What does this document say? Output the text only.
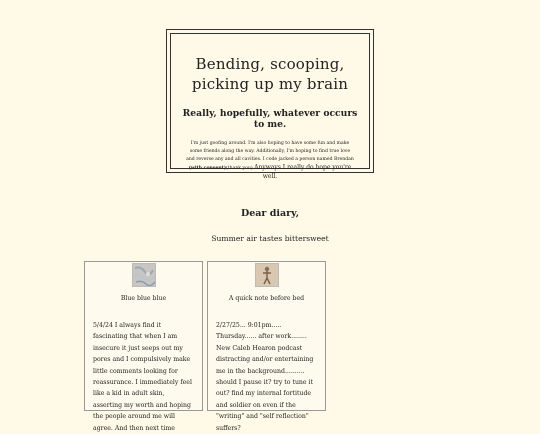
Bending, scooping, picking up my brain
Really, hopefully, whatever occurs to me.
I'm just goofing around. I'm also hoping to have some fun and make some friends along the way. Additionally, I'm hoping to find true love and reverse any and all cavities. I code jacked a person named Brendan (with consent)(thank you) Anyways I really do hope you're well.
Dear diary,
Summer air tastes bittersweet
Blue blue blue
5/4/24 I always find it fascinating that when I am insecure it just seeps out my pores and I compulsively make little comments looking for reassurance. I immediately feel like a kid in adult skin, asserting my worth and hoping the people around me will agree. And then next time
A quick note before bed
2/27/25... 9:01pm..... Thursday...... after work........ New Caleb Hearon podcast distracting and/or entertaining me in the background.......... should I pause it? try to tune it out? find my internal fortitude and soldier on even if the "writing" and "self reflection" suffers?
